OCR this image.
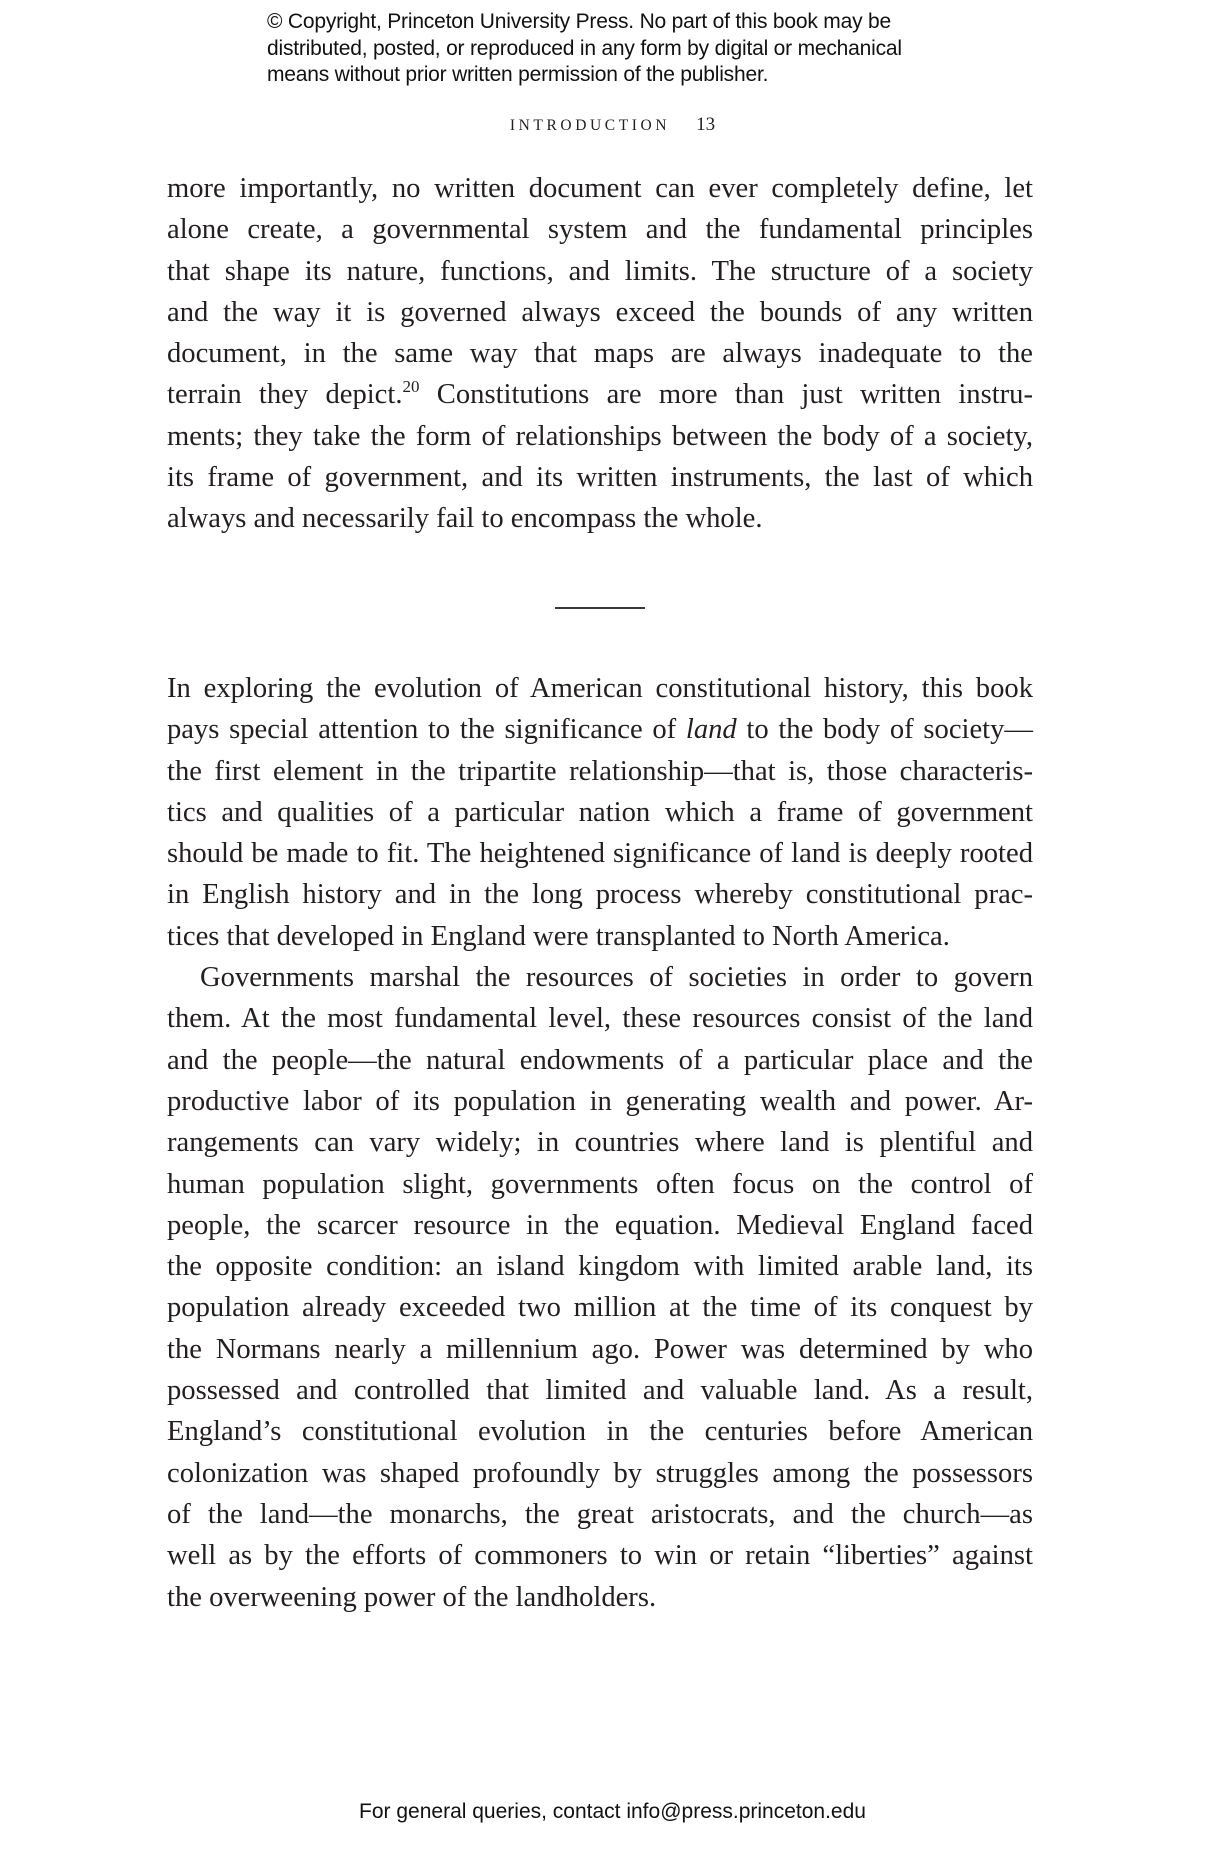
© Copyright, Princeton University Press. No part of this book may be
distributed, posted, or reproduced in any form by digital or mechanical
means without prior written permission of the publisher.
INTRODUCTION 13
more importantly, no written document can ever completely define, let
alone create, a governmental system and the fundamental principles
that shape its nature, functions, and limits. The structure of a society
and the way it is governed always exceed the bounds of any written
document, in the same way that maps are always inadequate to the
terrain they depict.$^{20}$ Constitutions are more than just written instru-
ments; they take the form of relationships between the body of a society,
its frame of government, and its written instruments, the last of which
always and necessarily fail to encompass the whole.
In exploring the evolution of American constitutional history, this book
pays special attention to the significance of land to the body of society—
the first element in the tripartite relationship—that is, those characteris-
tics and qualities of a particular nation which a frame of government
should be made to fit. The heightened significance of land is deeply rooted
in English history and in the long process whereby constitutional prac-
tices that developed in England were transplanted to North America.
Governments marshal the resources of societies in order to govern
them. At the most fundamental level, these resources consist of the land
and the people—the natural endowments of a particular place and the
productive labor of its population in generating wealth and power. Ar-
rangements can vary widely; in countries where land is plentiful and
human population slight, governments often focus on the control of
people, the scarcer resource in the equation. Medieval England faced
the opposite condition: an island kingdom with limited arable land, its
population already exceeded two million at the time of its conquest by
the Normans nearly a millennium ago. Power was determined by who
possessed and controlled that limited and valuable land. As a result,
England’s constitutional evolution in the centuries before American
colonization was shaped profoundly by struggles among the possessors
of the land—the monarchs, the great aristocrats, and the church—as
well as by the efforts of commoners to win or retain “liberties” against
the overweening power of the landholders.
For general queries, contact info@press.princeton.edu
